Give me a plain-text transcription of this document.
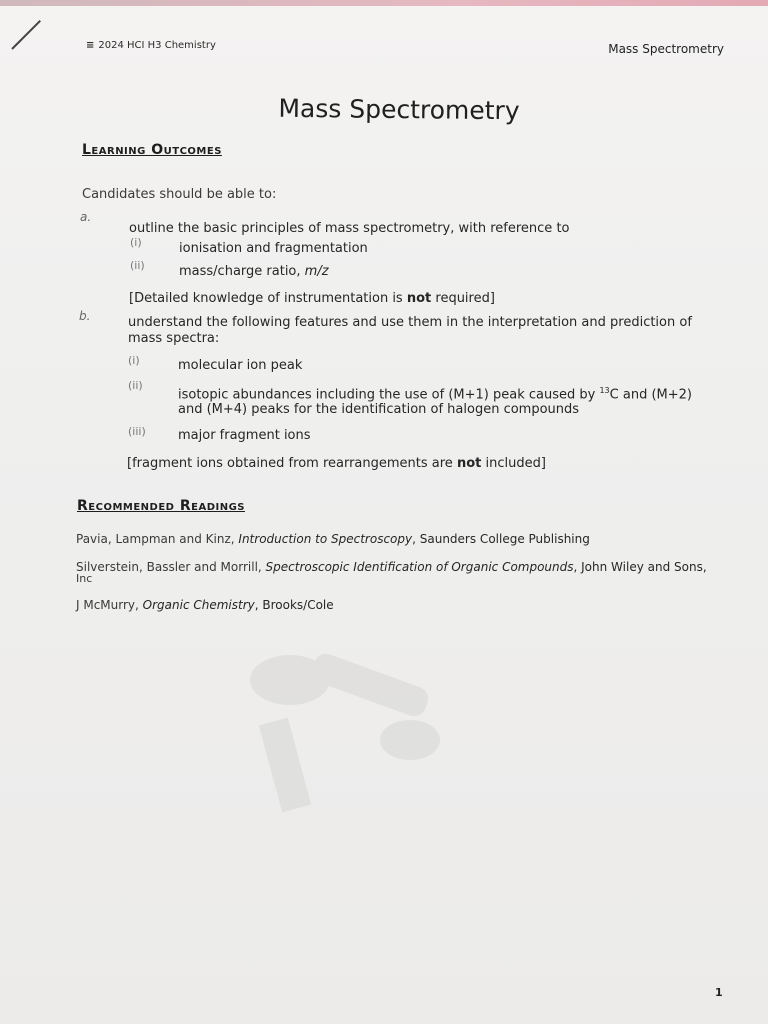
≡ 2024 HCI H3 Chemistry	Mass Spectrometry
Mass Spectrometry
Learning Outcomes
Candidates should be able to:
a.
outline the basic principles of mass spectrometry, with reference to
(i)	ionisation and fragmentation
(ii)	mass/charge ratio, m/z
[Detailed knowledge of instrumentation is not required]
b.	understand the following features and use them in the interpretation and prediction of
mass spectra:
(i)	molecular ion peak
(ii)
isotopic abundances including the use of (M+1) peak caused by $^{13}$C and (M+2)
and (M+4) peaks for the identification of halogen compounds
(iii) major fragment ions
[fragment ions obtained from rearrangements are not included]
Recommended Readings
Pavia, Lampman and Kinz, Introduction to Spectroscopy, Saunders College Publishing
Silverstein, Bassler and Morrill, Spectroscopic Identification of Organic Compounds, John Wiley and Sons,
Inc
J McMurry, Organic Chemistry, Brooks/Cole
1
